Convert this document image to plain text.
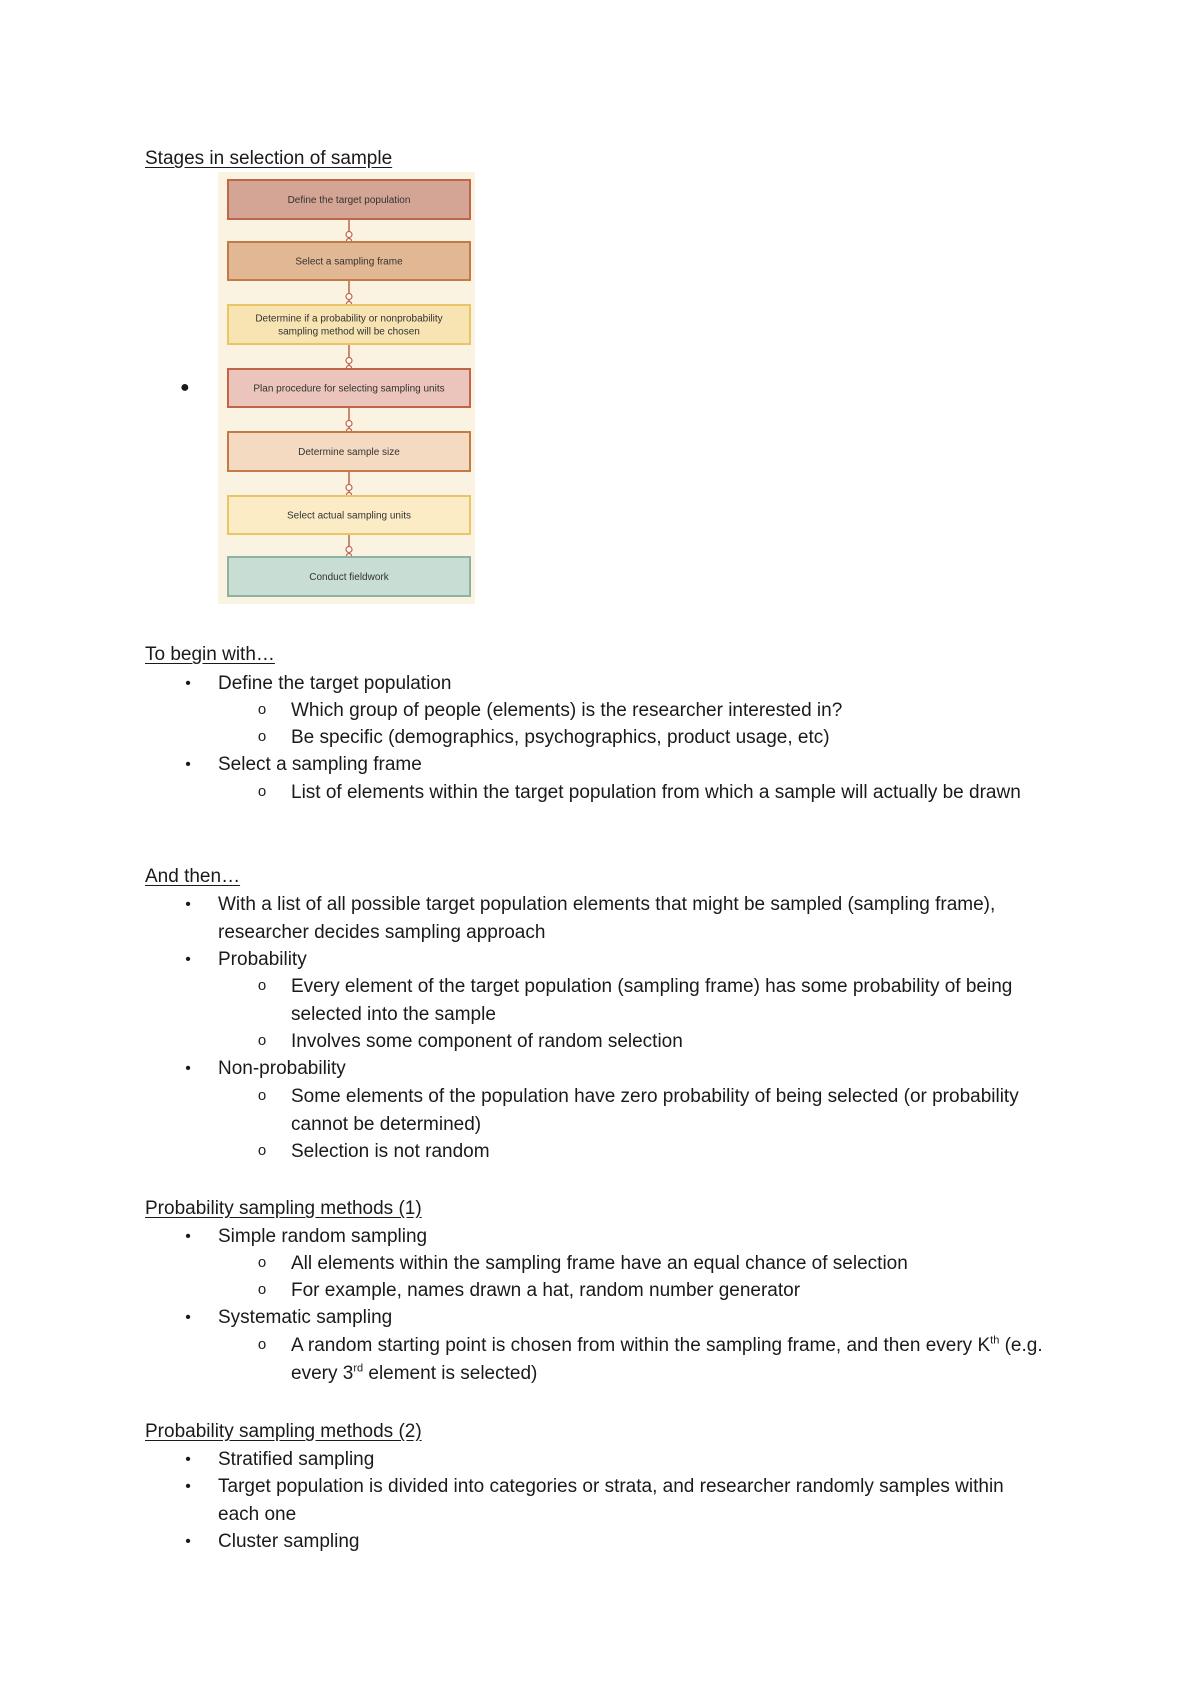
Stages in selection of sample
●
Define the target population
Select a sampling frame
Determine if a probability or nonprobability
sampling method will be chosen
Plan procedure for selecting sampling units
Determine sample size
Select actual sampling units
Conduct fieldwork
To begin with…
•	Define the target population
o	Which group of people (elements) is the researcher interested in?
o	Be specific (demographics, psychographics, product usage, etc)
•	Select a sampling frame
o	List of elements within the target population from which a sample will actually be drawn
And then…
•	With a list of all possible target population elements that might be sampled (sampling frame), researcher decides sampling approach
•	Probability
o	Every element of the target population (sampling frame) has some probability of being selected into the sample
o	Involves some component of random selection
•	Non-probability
o	Some elements of the population have zero probability of being selected (or probability cannot be determined)
o	Selection is not random
Probability sampling methods (1)
•	Simple random sampling
o	All elements within the sampling frame have an equal chance of selection
o	For example, names drawn a hat, random number generator
•	Systematic sampling
o	A random starting point is chosen from within the sampling frame, and then every $K^{th}$ (e.g. every 3rd element is selected)
Probability sampling methods (2)
•	Stratified sampling
•	Target population is divided into categories or strata, and researcher randomly samples within each one
•	Cluster sampling
